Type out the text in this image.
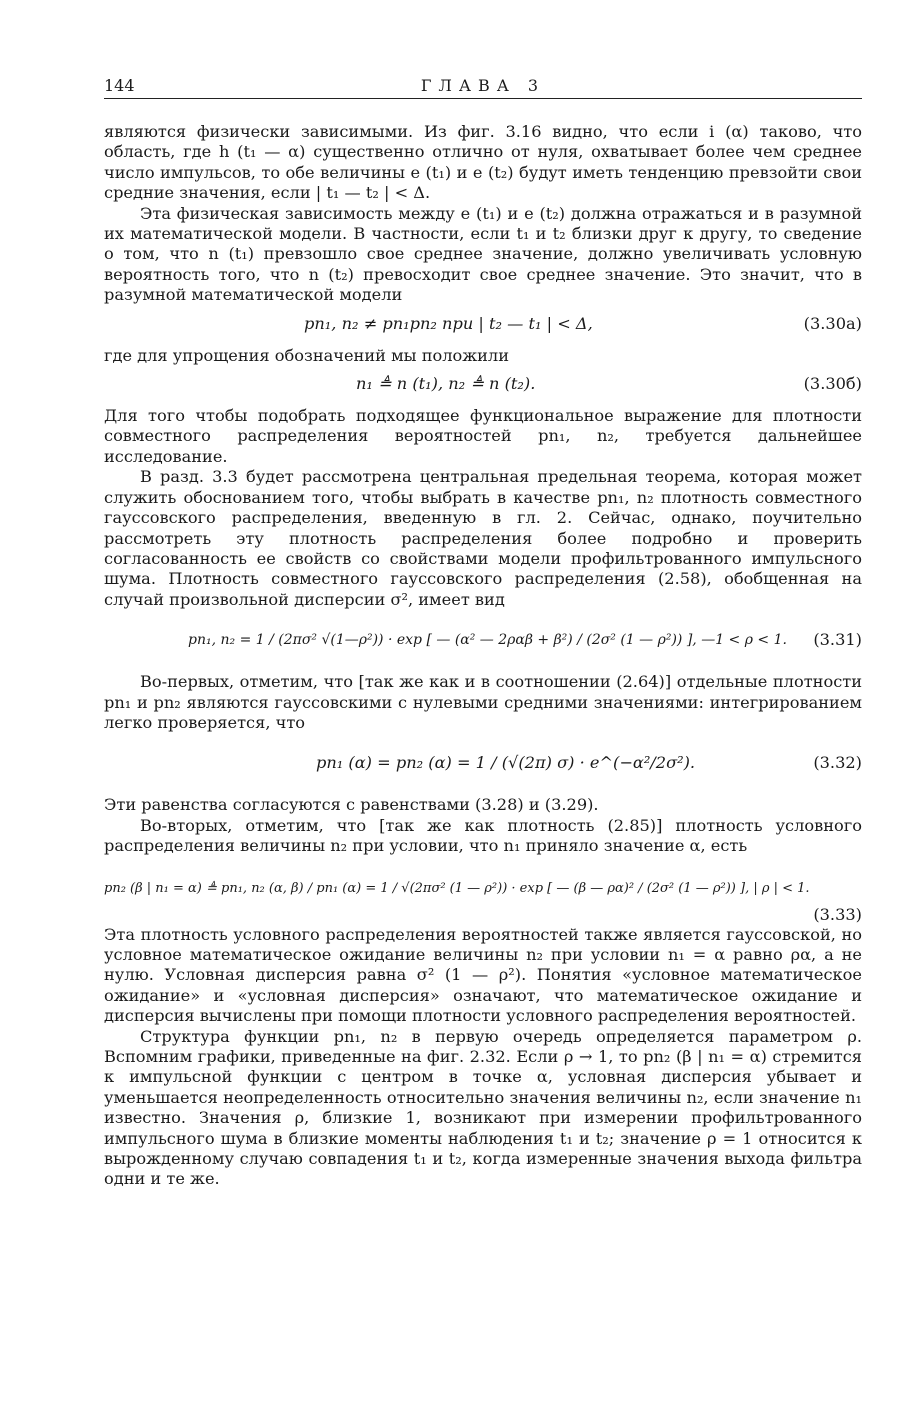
144	ГЛАВА 3

являются физически зависимыми. Из фиг. 3.16 видно, что если i (α) таково, что область, где h (t₁ — α) существенно отлично от нуля, охватывает более чем среднее число импульсов, то обе величины e (t₁) и e (t₂) будут иметь тенденцию превзойти свои средние значения, если | t₁ — t₂ | < Δ.

Эта физическая зависимость между e (t₁) и e (t₂) должна отражаться и в разумной их математической модели. В частности, если t₁ и t₂ близки друг к другу, то сведение о том, что n (t₁) превзошло свое среднее значение, должно увеличивать условную вероятность того, что n (t₂) превосходит свое среднее значение. Это значит, что в разумной математической модели

pn₁, n₂ ≠ pn₁pn₂ при | t₂ — t₁ | < Δ,	(3.30а)

где для упрощения обозначений мы положили

n₁ ≜ n (t₁), n₂ ≜ n (t₂).	(3.30б)

Для того чтобы подобрать подходящее функциональное выражение для плотности совместного распределения вероятностей pn₁, n₂, требуется дальнейшее исследование.

В разд. 3.3 будет рассмотрена центральная предельная теорема, которая может служить обоснованием того, чтобы выбрать в качестве pn₁, n₂ плотность совместного гауссовского распределения, введенную в гл. 2. Сейчас, однако, поучительно рассмотреть эту плотность распределения более подробно и проверить согласованность ее свойств со свойствами модели профильтрованного импульсного шума. Плотность совместного гауссовского распределения (2.58), обобщенная на случай произвольной дисперсии σ², имеет вид

pn₁, n₂ = 1 / (2πσ² √(1—ρ²)) · exp [ — (α² — 2ραβ + β²) / (2σ² (1 — ρ²)) ], —1 < ρ < 1. (3.31)

Во-первых, отметим, что [так же как и в соотношении (2.64)] отдельные плотности pn₁ и pn₂ являются гауссовскими с нулевыми средними значениями: интегрированием легко проверяется, что

pn₁ (α) = pn₂ (α) = 1 / (√(2π) σ) · e^(−α²/2σ²).	(3.32)

Эти равенства согласуются с равенствами (3.28) и (3.29).

Во-вторых, отметим, что [так же как плотность (2.85)] плотность условного распределения величины n₂ при условии, что n₁ приняло значение α, есть

pn₂ (β | n₁ = α) ≜ pn₁, n₂ (α, β) / pn₁ (α) = 1 / √(2πσ² (1 — ρ²)) · exp [ — (β — ρα)² / (2σ² (1 — ρ²)) ], | ρ | < 1.
(3.33)

Эта плотность условного распределения вероятностей также является гауссовской, но условное математическое ожидание величины n₂ при условии n₁ = α равно ρα, а не нулю. Условная дисперсия равна σ² (1 — ρ²). Понятия «условное математическое ожидание» и «условная дисперсия» означают, что математическое ожидание и дисперсия вычислены при помощи плотности условного распределения вероятностей.

Структура функции pn₁, n₂ в первую очередь определяется параметром ρ. Вспомним графики, приведенные на фиг. 2.32. Если ρ → 1, то pn₂ (β | n₁ = α) стремится к импульсной функции с центром в точке α, условная дисперсия убывает и уменьшается неопределенность относительно значения величины n₂, если значение n₁ известно. Значения ρ, близкие 1, возникают при измерении профильтрованного импульсного шума в близкие моменты наблюдения t₁ и t₂; значение ρ = 1 относится к вырожденному случаю совпадения t₁ и t₂, когда измеренные значения выхода фильтра одни и те же.
